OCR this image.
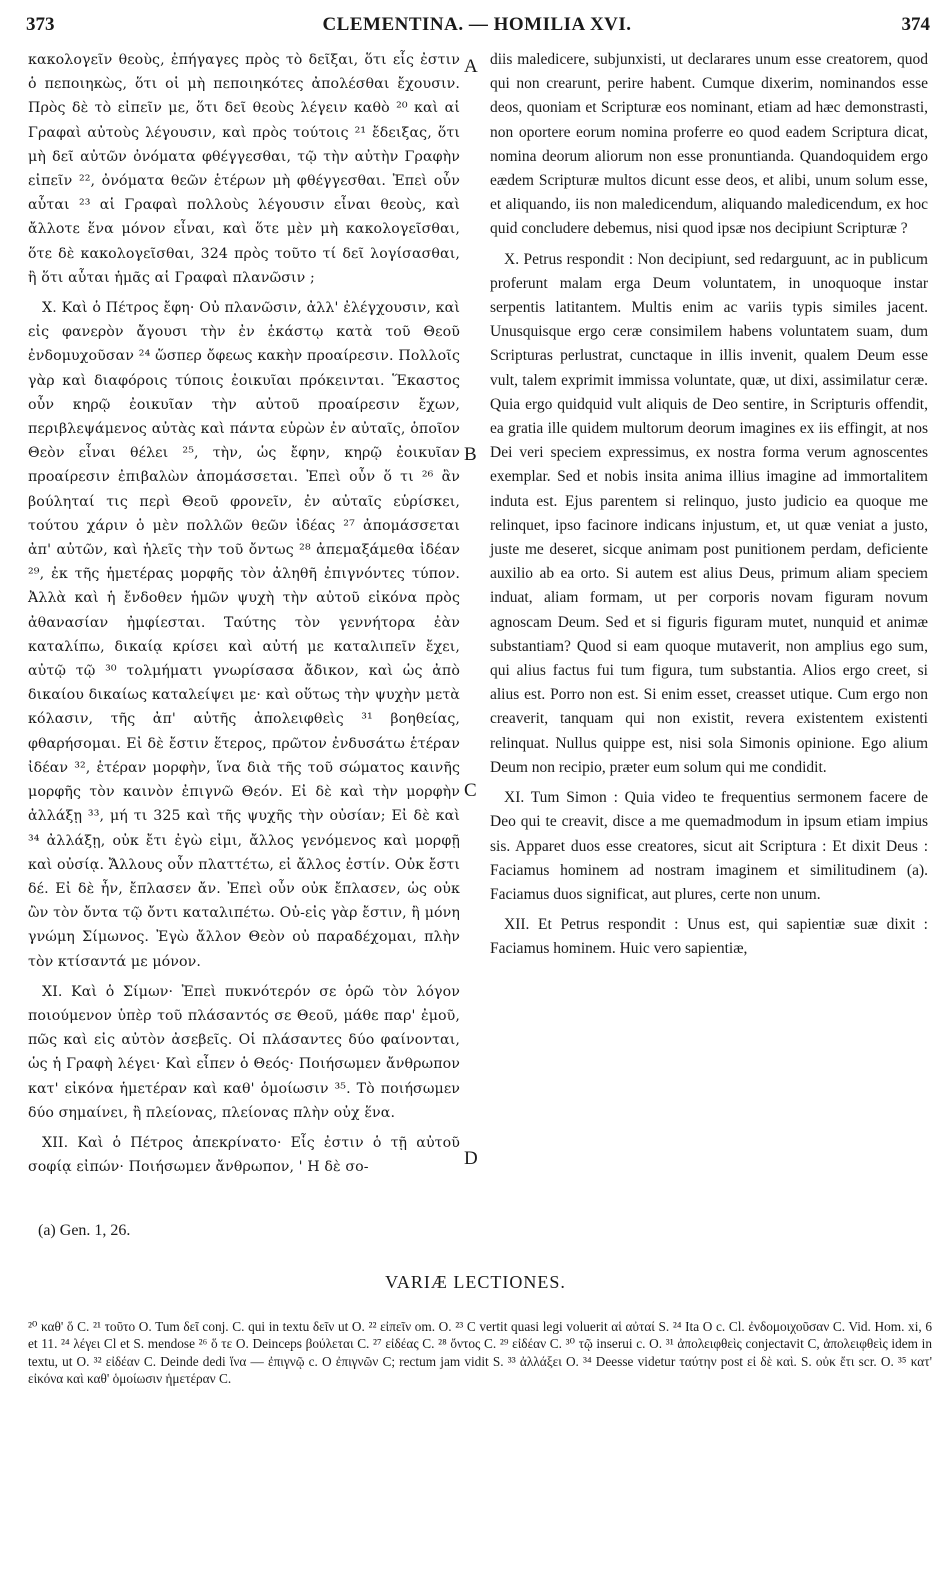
373	CLEMENTINA. — HOMILIA XVI.	374

κακολογεῖν θεοὺς, ἐπήγαγες πρὸς τὸ δεῖξαι, ὅτι εἷς ἐστιν ὁ πεποιηκὼς, ὅτι οἱ μὴ πεποιηκότες ἀπολέσθαι ἔχουσιν. Πρὸς δὲ τὸ εἰπεῖν με, ὅτι δεῖ θεοὺς λέγειν καθὸ ²⁰ καὶ αἱ Γραφαὶ αὐτοὺς λέγουσιν, καὶ πρὸς τούτοις ²¹ ἔδειξας, ὅτι μὴ δεῖ αὐτῶν ὀνόματα φθέγγεσθαι, τῷ τὴν αὐτὴν Γραφὴν εἰπεῖν ²², ὀνόματα θεῶν ἑτέρων μὴ φθέγγεσθαι. Ἐπεὶ οὖν αὗται ²³ αἱ Γραφαὶ πολλοὺς λέγουσιν εἶναι θεοὺς, καὶ ἄλλοτε ἕνα μόνον εἶναι, καὶ ὅτε μὲν μὴ κακολογεῖσθαι, ὅτε δὲ κακολογεῖσθαι, 324 πρὸς τοῦτο τί δεῖ λογίσασθαι, ἢ ὅτι αὗται ἡμᾶς αἱ Γραφαὶ πλανῶσιν ;

X. Καὶ ὁ Πέτρος ἔφη· Οὐ πλανῶσιν, ἀλλ' ἐλέγχουσιν, καὶ εἰς φανερὸν ἄγουσι τὴν ἐν ἑκάστῳ κατὰ τοῦ Θεοῦ ἐνδομυχοῦσαν ²⁴ ὥσπερ ὄφεως κακὴν προαίρεσιν. Πολλοῖς γὰρ καὶ διαφόροις τύποις ἐοικυῖαι πρόκεινται. Ἕκαστος οὖν κηρῷ ἐοικυῖαν τὴν αὐτοῦ προαίρεσιν ἔχων, περιβλεψάμενος αὐτὰς καὶ πάντα εὑρὼν ἐν αὐταῖς, ὁποῖον Θεὸν εἶναι θέλει ²⁵, τὴν, ὡς ἔφην, κηρῷ ἐοικυῖαν προαίρεσιν ἐπιβαλὼν ἀπομάσσεται. Ἐπεὶ οὖν ὅ τι ²⁶ ἂν βούληταί τις περὶ Θεοῦ φρονεῖν, ἐν αὐταῖς εὑρίσκει, τούτου χάριν ὁ μὲν πολλῶν θεῶν ἰδέας ²⁷ ἀπομάσσεται ἀπ' αὐτῶν, καὶ ἡλεῖς τὴν τοῦ ὄντως ²⁸ ἀπεμαξάμεθα ἰδέαν ²⁹, ἐκ τῆς ἡμετέρας μορφῆς τὸν ἀληθῆ ἐπιγνόντες τύπον. Ἀλλὰ καὶ ἡ ἔνδοθεν ἡμῶν ψυχὴ τὴν αὐτοῦ εἰκόνα πρὸς ἀθανασίαν ἠμφίεσται. Ταύτης τὸν γεννήτορα ἐὰν καταλίπω, δικαίᾳ κρίσει καὶ αὐτή με καταλιπεῖν ἔχει, αὐτῷ τῷ ³⁰ τολμήματι γνωρίσασα ἄδικον, καὶ ὡς ἀπὸ δικαίου δικαίως καταλείψει με· καὶ οὕτως τὴν ψυχὴν μετὰ κόλασιν, τῆς ἀπ' αὐτῆς ἀπολειφθεὶς ³¹ βοηθείας, φθαρήσομαι. Εἰ δὲ ἔστιν ἕτερος, πρῶτον ἐνδυσάτω ἑτέραν ἰδέαν ³², ἑτέραν μορφὴν, ἵνα διὰ τῆς τοῦ σώματος καινῆς μορφῆς τὸν καινὸν ἐπιγνῶ Θεόν. Εἰ δὲ καὶ τὴν μορφὴν ἀλλάξῃ ³³, μή τι 325 καὶ τῆς ψυχῆς τὴν οὐσίαν; Εἰ δὲ καὶ ³⁴ ἀλλάξῃ, οὐκ ἔτι ἐγὼ εἰμι, ἄλλος γενόμενος καὶ μορφῇ καὶ οὐσίᾳ. Ἄλλους οὖν πλαττέτω, εἰ ἄλλος ἐστίν. Οὐκ ἔστι δέ. Εἰ δὲ ἦν, ἔπλασεν ἄν. Ἐπεὶ οὖν οὐκ ἔπλασεν, ὡς οὐκ ὢν τὸν ὄντα τῷ ὄντι καταλιπέτω. Οὐ-εἰς γὰρ ἔστιν, ἢ μόνη γνώμη Σίμωνος. Ἐγὼ ἄλλον Θεὸν οὐ παραδέχομαι, πλὴν τὸν κτίσαντά με μόνον.

XI. Καὶ ὁ Σίμων· Ἐπεὶ πυκνότερόν σε ὁρῶ τὸν λόγον ποιούμενον ὑπὲρ τοῦ πλάσαντός σε Θεοῦ, μάθε παρ' ἐμοῦ, πῶς καὶ εἰς αὐτὸν ἀσεβεῖς. Οἱ πλάσαντες δύο φαίνονται, ὡς ἡ Γραφὴ λέγει· Καὶ εἶπεν ὁ Θεός· Ποιήσωμεν ἄνθρωπον κατ' εἰκόνα ἡμετέραν καὶ καθ' ὁμοίωσιν ³⁵. Τὸ ποιήσωμεν δύο σημαίνει, ἢ πλείονας, πλείονας πλὴν οὐχ ἕνα.

XII. Καὶ ὁ Πέτρος ἀπεκρίνατο· Εἷς ἐστιν ὁ τῇ αὐτοῦ σοφίᾳ εἰπών· Ποιήσωμεν ἄνθρωπον, ' Η δὲ σο-

A
B
C
D

diis maledicere, subjunxisti, ut declarares unum esse creatorem, quod qui non crearunt, perire habent. Cumque dixerim, nominandos esse deos, quoniam et Scripturæ eos nominant, etiam ad hæc demonstrasti, non oportere eorum nomina proferre eo quod eadem Scriptura dicat, nomina deorum aliorum non esse pronuntianda. Quandoquidem ergo eædem Scripturæ multos dicunt esse deos, et alibi, unum solum esse, et aliquando, iis non maledicendum, aliquando maledicendum, ex hoc quid concludere debemus, nisi quod ipsæ nos decipiunt Scripturæ ?

X. Petrus respondit : Non decipiunt, sed redarguunt, ac in publicum proferunt malam erga Deum voluntatem, in unoquoque instar serpentis latitantem. Multis enim ac variis typis similes jacent. Unusquisque ergo ceræ consimilem habens voluntatem suam, dum Scripturas perlustrat, cunctaque in illis invenit, qualem Deum esse vult, talem exprimit immissa voluntate, quæ, ut dixi, assimilatur ceræ. Quia ergo quidquid vult aliquis de Deo sentire, in Scripturis offendit, ea gratia ille quidem multorum deorum imagines ex iis effingit, at nos Dei veri speciem expressimus, ex nostra forma verum agnoscentes exemplar. Sed et nobis insita anima illius imagine ad immortalitem induta est. Ejus parentem si relinquo, justo judicio ea quoque me relinquet, ipso facinore indicans injustum, et, ut quæ veniat a justo, juste me deseret, sicque animam post punitionem perdam, deficiente auxilio ab ea orto. Si autem est alius Deus, primum aliam speciem induat, aliam formam, ut per corporis novam figuram novum agnoscam Deum. Sed et si figuris figuram mutet, nunquid et animæ substantiam? Quod si eam quoque mutaverit, non amplius ego sum, qui alius factus fui tum figura, tum substantia. Alios ergo creet, si alius est. Porro non est. Si enim esset, creasset utique. Cum ergo non creaverit, tanquam qui non existit, revera existentem existenti relinquat. Nullus quippe est, nisi sola Simonis opinione. Ego alium Deum non recipio, præter eum solum qui me condidit.

XI. Tum Simon : Quia video te frequentius sermonem facere de Deo qui te creavit, disce a me quemadmodum in ipsum etiam impius sis. Apparet duos esse creatores, sicut ait Scriptura : Et dixit Deus : Faciamus hominem ad nostram imaginem et similitudinem (a). Faciamus duos significat, aut plures, certe non unum.

XII. Et Petrus respondit : Unus est, qui sapientiæ suæ dixit : Faciamus hominem. Huic vero sapientiæ,

(a) Gen. 1, 26.
VARIÆ LECTIONES.
²⁰ καθ' ὅ C. ²¹ τοῦτο O. Tum δεῖ conj. C. qui in textu δεῖν ut O. ²² εἰπεῖν om. O. ²³ C vertit quasi legi voluerit αἱ αὐταί S. ²⁴ Ita O c. Cl. ἐνδομοιχοῦσαν C. Vid. Hom. xi, 6 et 11. ²⁴ λέγει Cl et S. mendose ²⁶ ὅ τε O. Deinceps βούλεται C. ²⁷ εἰδέας C. ²⁸ ὄντος C. ²⁹ εἰδέαν C. ³⁰ τῷ inserui c. O. ³¹ ἀπολειφθεὶς conjectavit C, ἀπολειφθεὶς idem in textu, ut O. ³² εἰδέαν C. Deinde dedi ἵνα — ἐπιγνῷ c. O ἐπιγνῶν C; rectum jam vidit S. ³³ ἀλλάξει O. ³⁴ Deesse videtur ταύτην post εἰ δὲ καὶ. S. οὐκ ἔτι scr. O. ³⁵ κατ' εἰκόνα καὶ καθ' ὁμοίωσιν ἡμετέραν C.
